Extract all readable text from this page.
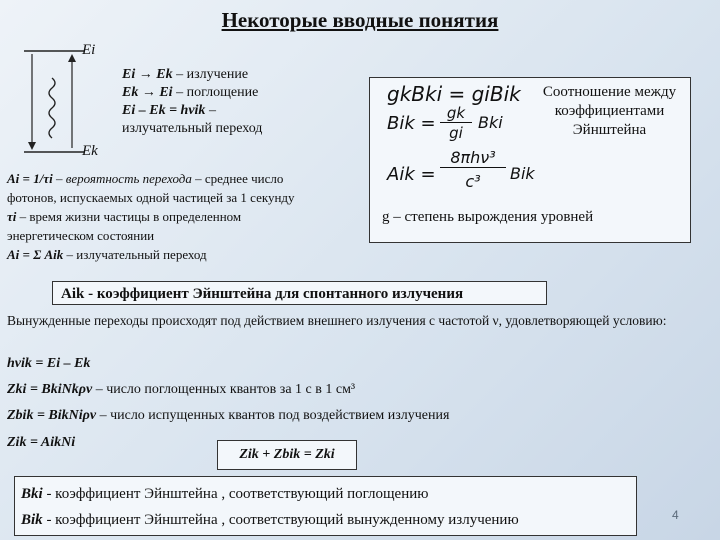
Некоторые вводные понятия
Ei
Ek
Ei → Ek – излучение
Ek → Ei – поглощение
Ei – Ek = hνik –
излучательный переход
Ai = 1/τi – вероятность перехода – среднее число
фотонов, испускаемых одной частицей за 1 секунду
τi – время жизни частицы в определенном
энергетическом состоянии
Ai = Σ Aik – излучательный переход
gkBki = giBik
Bik = gk
gi
Bki
Aik =
8πhν³
c³	Bik
Соотношение между коэффициентами Эйнштейна
g – степень вырождения уровней
Aik - коэффициент Эйнштейна для спонтанного излучения
Вынужденные переходы происходят под действием внешнего излучения с частотой ν, удовлетворяющей условию:
hνik = Ei – Ek
Zki = BkiNkρν – число поглощенных квантов за 1 с в 1 см³
Zbik = BikNiρν – число испущенных квантов под воздействием излучения
Zik = AikNi
Zik + Zbik = Zki
Bki - коэффициент Эйнштейна , соответствующий поглощению
Bik - коэффициент Эйнштейна , соответствующий вынужденному излучению	4
